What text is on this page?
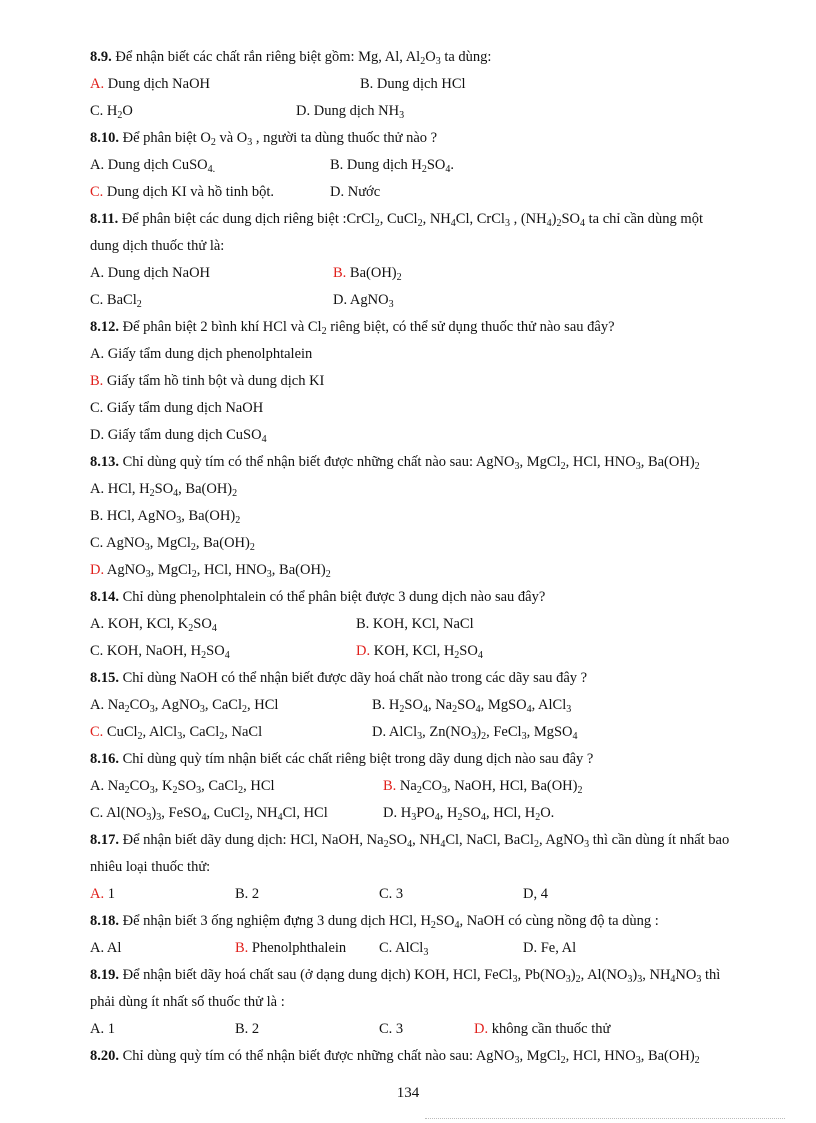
8.9. Để nhận biết các chất rắn riêng biệt gồm: Mg, Al, $Al_2O_3$ ta dùng:
A. Dung dịch NaOH	B. Dung dịch HCl
C. $H_2O$	D. Dung dịch $NH_3$
8.10. Để phân biệt $O_2$ và $O_3$ , người ta dùng thuốc thử nào ?
A. Dung dịch CuSO$_{4.}$	B. Dung dịch $H_2SO_4$.
C. Dung dịch KI và hồ tinh bột.	D. Nước
8.11. Để phân biệt các dung dịch riêng biệt :CrCl$_2$, CuCl$_2$, $NH_4Cl$, CrCl$_3$ , $(NH_4)_2SO_4$ ta chỉ cần dùng một
dung dịch thuốc thử là:
A. Dung dịch NaOH	B. $Ba(OH)_2$
C. BaCl$_2$	D. AgNO$_3$
8.12. Để phân biệt 2 bình khí HCl và $Cl_2$ riêng biệt, có thể sử dụng thuốc thử nào sau đây?
A. Giấy tẩm dung dịch phenolphtalein
B. Giấy tẩm hồ tinh bột và dung dịch KI
C. Giấy tẩm dung dịch NaOH
D. Giấy tẩm dung dịch CuSO$_4$
8.13. Chỉ dùng quỳ tím có thể nhận biết được những chất nào sau: AgNO$_3$, MgCl$_2$, HCl, $HNO_3$, $Ba(OH)_2$
A. HCl, $H_2SO_4$, $Ba(OH)_2$
B. HCl, AgNO$_3$, $Ba(OH)_2$
C. AgNO$_3$, MgCl$_2$, $Ba(OH)_2$
D. AgNO$_3$, MgCl$_2$, HCl, $HNO_3$, $Ba(OH)_2$
8.14. Chỉ dùng phenolphtalein có thể phân biệt được 3 dung dịch nào sau đây?
A. KOH, KCl, $K_2SO_4$	B. KOH, KCl, NaCl
C. KOH, NaOH, $H_2SO_4$	D. KOH, KCl, $H_2SO_4$
8.15. Chỉ dùng NaOH có thể nhận biết được dãy hoá chất nào trong các dãy sau đây ?
A. $Na_2CO_3$, AgNO$_3$, CaCl$_2$, HCl	B. $H_2SO_4$, $Na_2SO_4$, MgSO$_4$, AlCl$_3$
C. CuCl$_2$, AlCl$_3$, CaCl$_2$, NaCl	D. AlCl$_3$, $Zn(NO_3)_2$, FeCl$_3$, MgSO$_4$
8.16. Chỉ dùng quỳ tím nhận biết các chất riêng biệt trong dãy dung dịch nào sau đây ?
A. $Na_2CO_3$, $K_2SO_3$, CaCl$_2$, HCl	B. $Na_2CO_3$, NaOH, HCl, $Ba(OH)_2$
C. $Al(NO_3)_3$, FeSO$_4$, CuCl$_2$, $NH_4Cl$, HCl	D. $H_3PO_4$, $H_2SO_4$, HCl, $H_2O$.
8.17. Để nhận biết dãy dung dịch: HCl, NaOH, $Na_2SO_4$, $NH_4Cl$, NaCl, BaCl$_2$, AgNO$_3$ thì cần dùng ít nhất bao
nhiêu loại thuốc thử:
A. 1	B. 2	C. 3	D, 4
8.18. Để nhận biết 3 ống nghiệm đựng 3 dung dịch HCl, $H_2SO_4$, NaOH có cùng nồng độ ta dùng :
A. Al	B. Phenolphthalein C. AlCl$_3$	D. Fe, Al
8.19. Để nhận biết dãy hoá chất sau (ở dạng dung dịch) KOH, HCl, FeCl$_3$, $Pb(NO_3)_2$, $Al(NO_3)_3$, $NH_4NO_3$ thì
phải dùng ít nhất số thuốc thử là :
A. 1	B. 2	C. 3	D. không cần thuốc thử
8.20. Chỉ dùng quỳ tím có thể nhận biết được những chất nào sau: AgNO$_3$, MgCl$_2$, HCl, $HNO_3$, $Ba(OH)_2$
134
